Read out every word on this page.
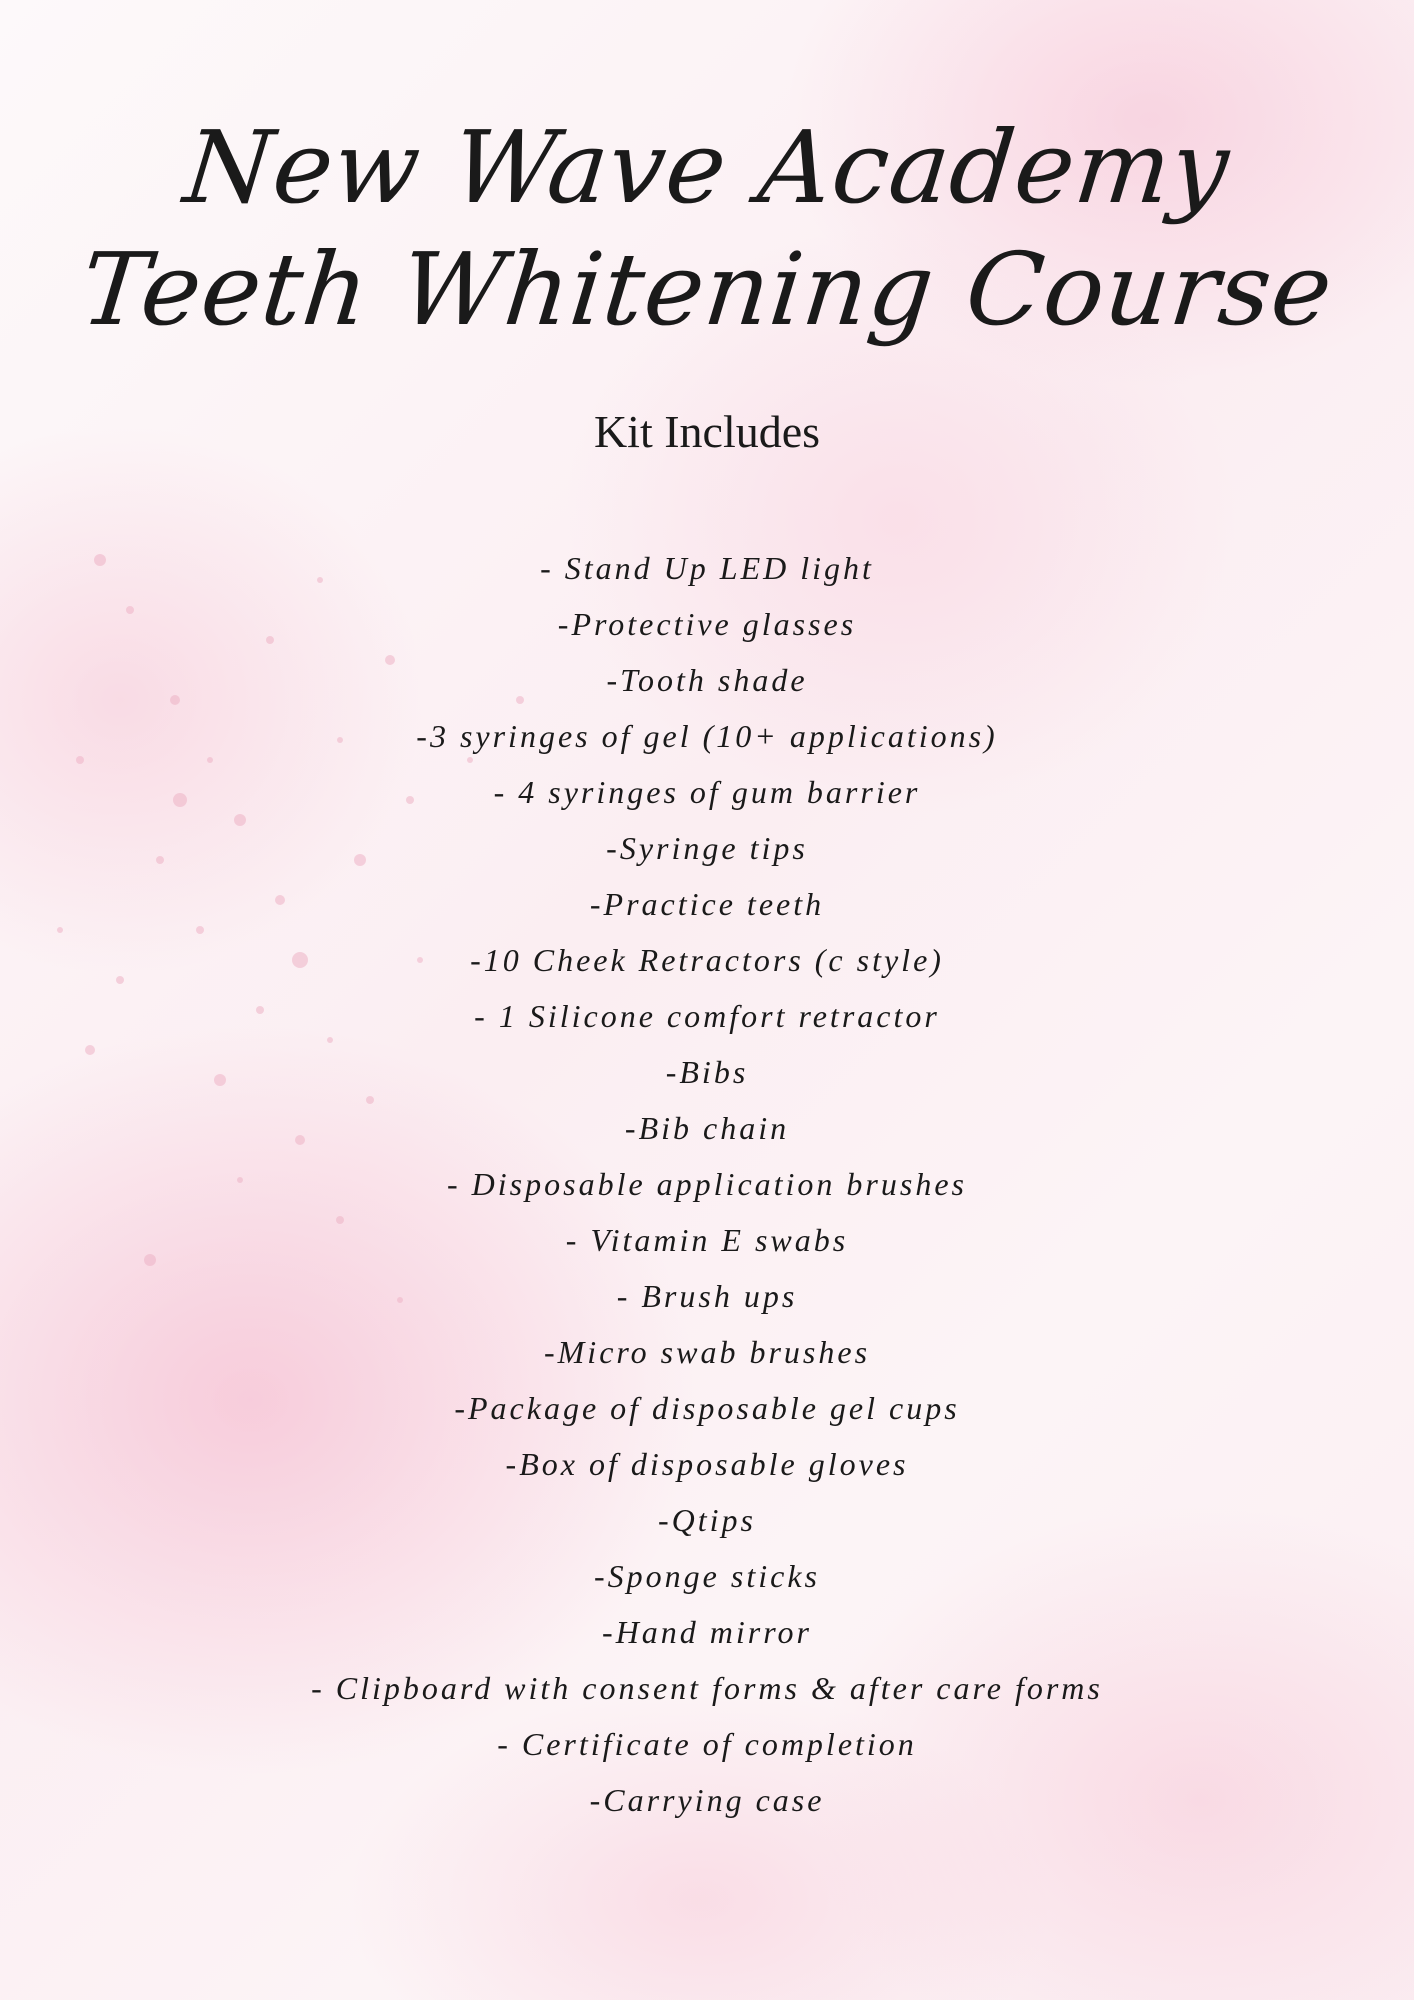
New Wave Academy
Teeth Whitening Course
Kit Includes
- Stand Up LED light
-Protective glasses
-Tooth shade
-3 syringes of gel (10+ applications)
- 4 syringes of gum barrier
-Syringe tips
-Practice teeth
-10 Cheek Retractors (c style)
- 1 Silicone comfort retractor
-Bibs
-Bib chain
- Disposable application brushes
- Vitamin E swabs
- Brush ups
-Micro swab brushes
-Package of disposable gel cups
-Box of disposable gloves
-Qtips
-Sponge sticks
-Hand mirror
- Clipboard with consent forms & after care forms
- Certificate of completion
-Carrying case
